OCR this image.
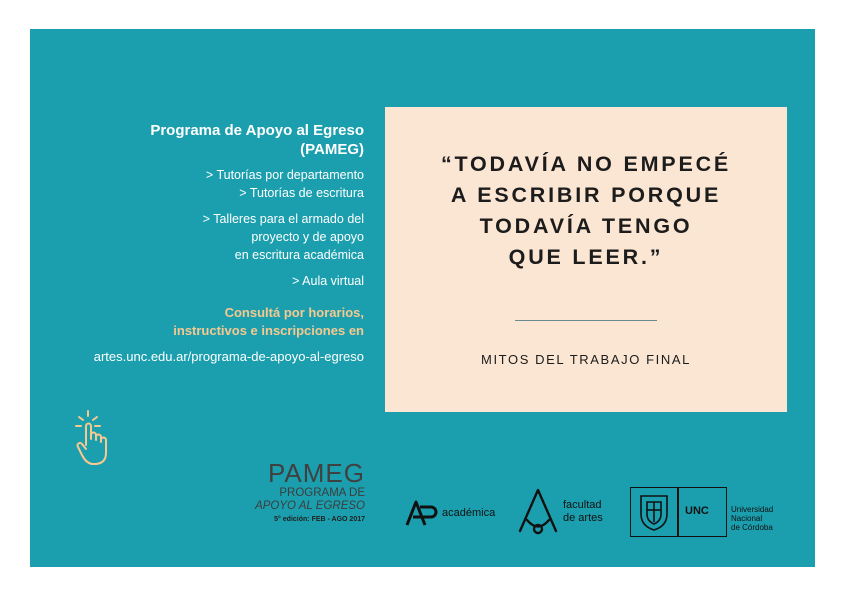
Programa de Apoyo al Egreso
(PAMEG)
> Tutorías por departamento
> Tutorías de escritura
> Talleres para el armado del
proyecto y de apoyo
en escritura académica
> Aula virtual
Consultá por horarios,
instructivos e inscripciones en
artes.unc.edu.ar/programa-de-apoyo-al-egreso
PAMEG
PROGRAMA DE
APOYO AL EGRESO
5° edición: FEB - AGO 2017
“TODAVÍA NO EMPECÉ
A ESCRIBIR PORQUE
TODAVÍA TENGO
QUE LEER.”
MITOS DEL TRABAJO FINAL
académica
facultad
de artes
UNC	Universidad
Nacional
de Córdoba
